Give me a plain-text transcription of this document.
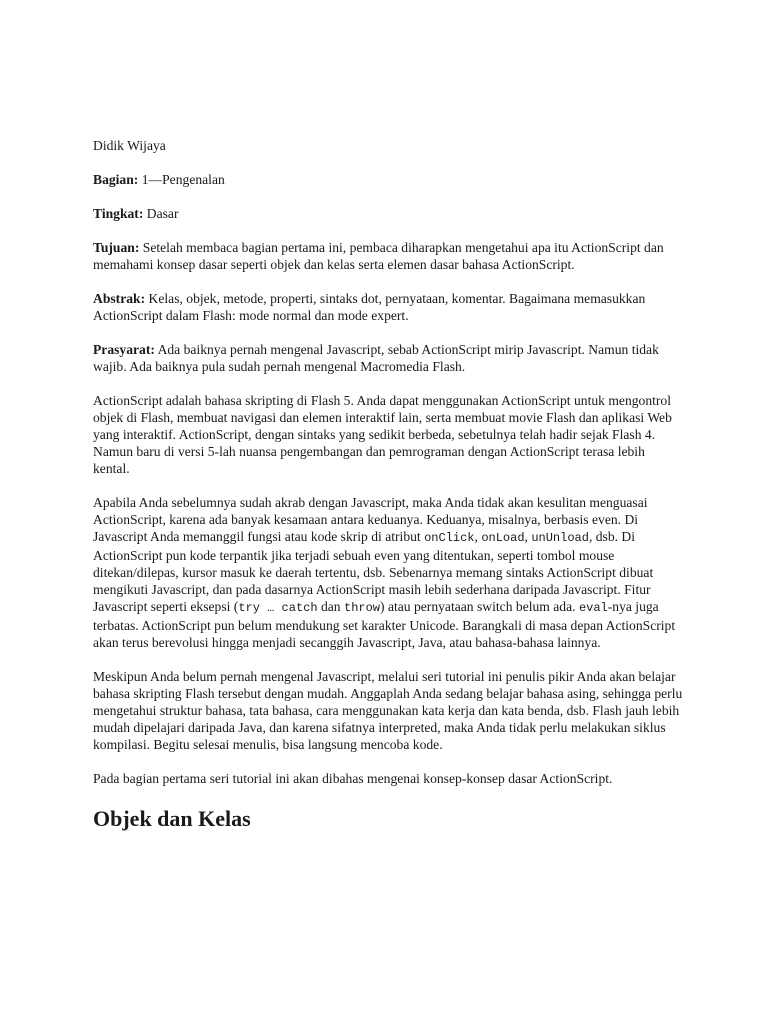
Didik Wijaya

Bagian: 1—Pengenalan

Tingkat: Dasar

Tujuan: Setelah membaca bagian pertama ini, pembaca diharapkan mengetahui apa itu ActionScript dan memahami konsep dasar seperti objek dan kelas serta elemen dasar bahasa ActionScript.

Abstrak: Kelas, objek, metode, properti, sintaks dot, pernyataan, komentar. Bagaimana memasukkan ActionScript dalam Flash: mode normal dan mode expert.

Prasyarat: Ada baiknya pernah mengenal Javascript, sebab ActionScript mirip Javascript. Namun tidak wajib. Ada baiknya pula sudah pernah mengenal Macromedia Flash.

ActionScript adalah bahasa skripting di Flash 5. Anda dapat menggunakan ActionScript untuk mengontrol objek di Flash, membuat navigasi dan elemen interaktif lain, serta membuat movie Flash dan aplikasi Web yang interaktif. ActionScript, dengan sintaks yang sedikit berbeda, sebetulnya telah hadir sejak Flash 4. Namun baru di versi 5-lah nuansa pengembangan dan pemrograman dengan ActionScript terasa lebih kental.

Apabila Anda sebelumnya sudah akrab dengan Javascript, maka Anda tidak akan kesulitan menguasai ActionScript, karena ada banyak kesamaan antara keduanya. Keduanya, misalnya, berbasis even. Di Javascript Anda memanggil fungsi atau kode skrip di atribut onClick, onLoad, unUnload, dsb. Di ActionScript pun kode terpantik jika terjadi sebuah even yang ditentukan, seperti tombol mouse ditekan/dilepas, kursor masuk ke daerah tertentu, dsb. Sebenarnya memang sintaks ActionScript dibuat mengikuti Javascript, dan pada dasarnya ActionScript masih lebih sederhana daripada Javascript. Fitur Javascript seperti eksepsi (try … catch dan throw) atau pernyataan switch belum ada. eval-nya juga terbatas. ActionScript pun belum mendukung set karakter Unicode. Barangkali di masa depan ActionScript akan terus berevolusi hingga menjadi secanggih Javascript, Java, atau bahasa-bahasa lainnya.

Meskipun Anda belum pernah mengenal Javascript, melalui seri tutorial ini penulis pikir Anda akan belajar bahasa skripting Flash tersebut dengan mudah. Anggaplah Anda sedang belajar bahasa asing, sehingga perlu mengetahui struktur bahasa, tata bahasa, cara menggunakan kata kerja dan kata benda, dsb. Flash jauh lebih mudah dipelajari daripada Java, dan karena sifatnya interpreted, maka Anda tidak perlu melakukan siklus kompilasi. Begitu selesai menulis, bisa langsung mencoba kode.

Pada bagian pertama seri tutorial ini akan dibahas mengenai konsep-konsep dasar ActionScript.

Objek dan Kelas
